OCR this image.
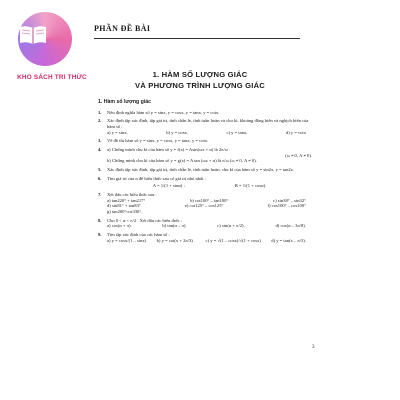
KHO SÁCH TRI THỨC
PHẦN ĐỀ BÀI
1. HÀM SỐ LƯỢNG GIÁC
VÀ PHƯƠNG TRÌNH LƯỢNG GIÁC
1. Hàm số lượng giác
1. Nêu định nghĩa hàm số y = sinx, y = cosx, y = tanx, y = cotx.
2. Xác định tập xác định, tập giá trị, tính chẵn lẻ, tính tuần hoàn và chu kì, khoảng đồng biến và nghịch biến của hàm số :
a) y = sinx,	b) y = cosx,	c) y = tanx,	d) y = cotx
3. Vẽ đồ thị hàm số y = sinx, y = cosx, y = tanx, y = cotx.
4. a) Chứng minh chu kì của hàm số y = f(x) = Asin(ωx + α) là 2π/ω
(ω ≠ 0, A ≠ 0).
b) Chứng minh chu kì của hàm số y = g(x) = A tan (ωx + α) là π/ω (ω ≠ 0, A ≠ 0).
5. Xác định tập xác định, tập giá trị, tính chẵn lẻ, tính tuần hoàn, chu kì của hàm số y = sin2x, y = tan2x.
6. Tìm giá trị của α để biểu thức sau có giá trị nhỏ nhất :
A = 1/(1 + sinα) ;	B = 1/(1 + cosα).
7. Xét dấu các biểu thức sau :
a) tan220° + tan217°	b) cot100° – tan100°	c) sin38° – sin32°
d) sin81° + tan83°	e) cot125° – cos125°	f) cos100° – cos100°
g) tan200°cos330°.
8. Cho 0 < α < π/2 . Xét dấu các biểu thức :
a) cos(α + π).	b) tan(α – π).	c) sin(α + π/2).	d) cos(α – 3π/8).
9. Tìm tập xác định của các hàm số :
a) y = cosx/(1 – sinx) b) y = cot(x + 2π/3) . c) y = √(1 – cosx)/√(1 + cosx) d) y = tan(x – π/3).
3
